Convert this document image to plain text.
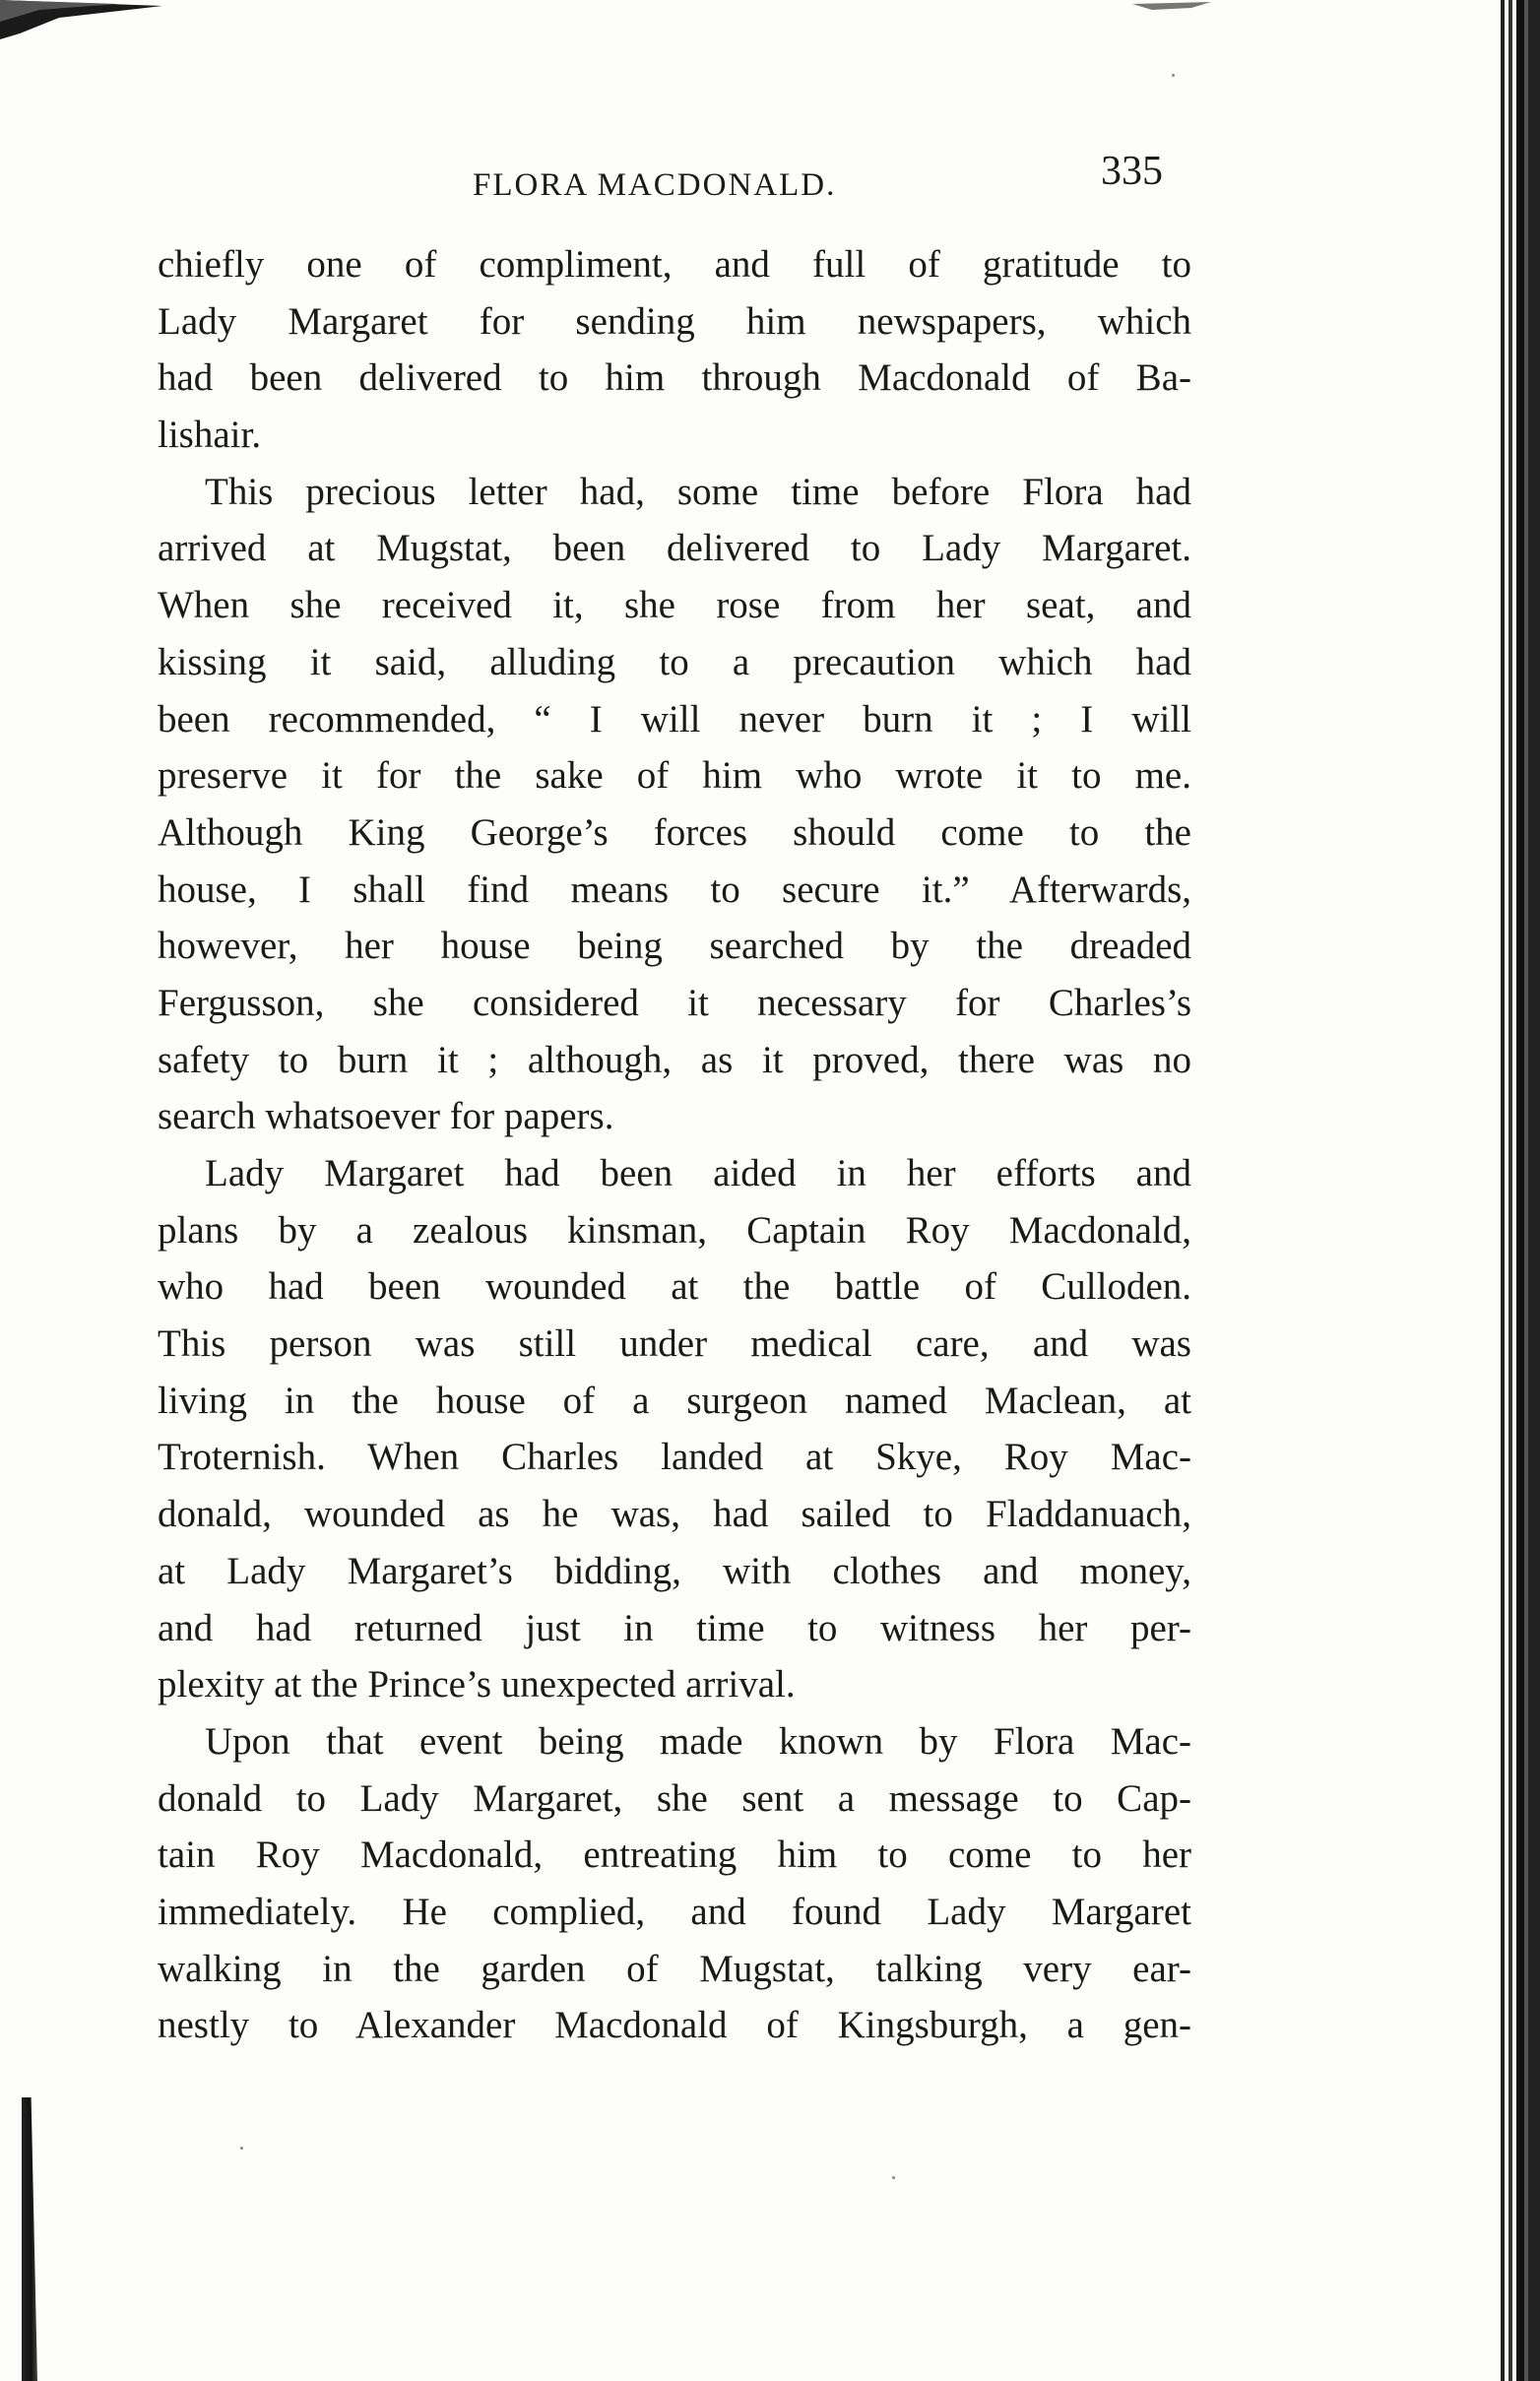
FLORA MACDONALD.	335
chiefly one of compliment, and full of gratitude to
Lady Margaret for sending him newspapers, which
had been delivered to him through Macdonald of Ba-
lishair.
This precious letter had, some time before Flora had
arrived at Mugstat, been delivered to Lady Margaret.
When she received it, she rose from her seat, and
kissing it said, alluding to a precaution which had
been recommended, “ I will never burn it ; I will
preserve it for the sake of him who wrote it to me.
Although King George’s forces should come to the
house, I shall find means to secure it.” Afterwards,
however, her house being searched by the dreaded
Fergusson, she considered it necessary for Charles’s
safety to burn it ; although, as it proved, there was no
search whatsoever for papers.
Lady Margaret had been aided in her efforts and
plans by a zealous kinsman, Captain Roy Macdonald,
who had been wounded at the battle of Culloden.
This person was still under medical care, and was
living in the house of a surgeon named Maclean, at
Troternish. When Charles landed at Skye, Roy Mac-
donald, wounded as he was, had sailed to Fladdanuach,
at Lady Margaret’s bidding, with clothes and money,
and had returned just in time to witness her per-
plexity at the Prince’s unexpected arrival.
Upon that event being made known by Flora Mac-
donald to Lady Margaret, she sent a message to Cap-
tain Roy Macdonald, entreating him to come to her
immediately. He complied, and found Lady Margaret
walking in the garden of Mugstat, talking very ear-
nestly to Alexander Macdonald of Kingsburgh, a gen-
